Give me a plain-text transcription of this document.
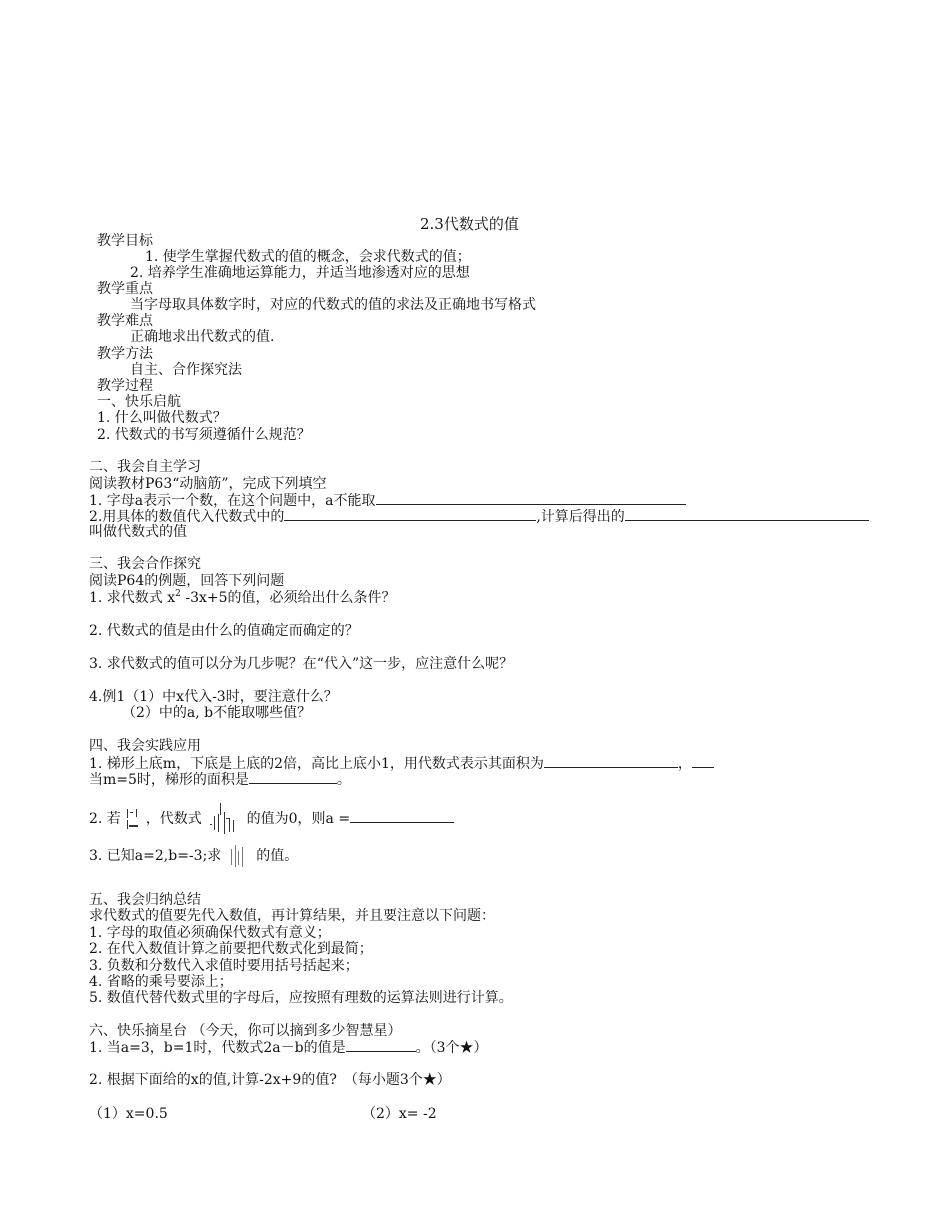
2.3代数式的值
教学目标
1. 使学生掌握代数式的值的概念，会求代数式的值；
2. 培养学生准确地运算能力，并适当地渗透对应的思想
教学重点
当字母取具体数字时，对应的代数式的值的求法及正确地书写格式
教学难点
正确地求出代数式的值.
教学方法
自主、合作探究法
教学过程
一、快乐启航
1. 什么叫做代数式？
2. 代数式的书写须遵循什么规范？
二、我会自主学习
阅读教材P63“动脑筋”，完成下列填空
1. 字母a表示一个数，在这个问题中，a不能取
2.用具体的数值代入代数式中的	,计算后得出的
叫做代数式的值
三、我会合作探究
阅读P64的例题，回答下列问题
1. 求代数式 $x^2$ -3x+5的值，必须给出什么条件？
2. 代数式的值是由什么的值确定而确定的？
3. 求代数式的值可以分为几步呢？在“代入”这一步，应注意什么呢？
4.例1（1）中x代入-3时，要注意什么？
（2）中的a, b不能取哪些值？
四、我会实践应用
1. 梯形上底m，下底是上底的2倍，高比上底小1，用代数式表示其面积为	，
当m=5时，梯形的面积是	。
2. 若 ，代数式	的值为0，则a =
3. 已知a=2,b=-3;求 的值。
五、我会归纳总结
求代数式的值要先代入数值，再计算结果，并且要注意以下问题：
1. 字母的取值必须确保代数式有意义；
2. 在代入数值计算之前要把代数式化到最简；
3. 负数和分数代入求值时要用括号括起来；
4. 省略的乘号要添上；
5. 数值代替代数式里的字母后，应按照有理数的运算法则进行计算。
六、快乐摘星台 （今天，你可以摘到多少智慧星）
1. 当a=3，b=1时，代数式2a－b的值是	。（3个★）
2. 根据下面给的x的值,计算-2x+9的值?　（每小题3个★）
（1）x=0.5	（2）x= -2
